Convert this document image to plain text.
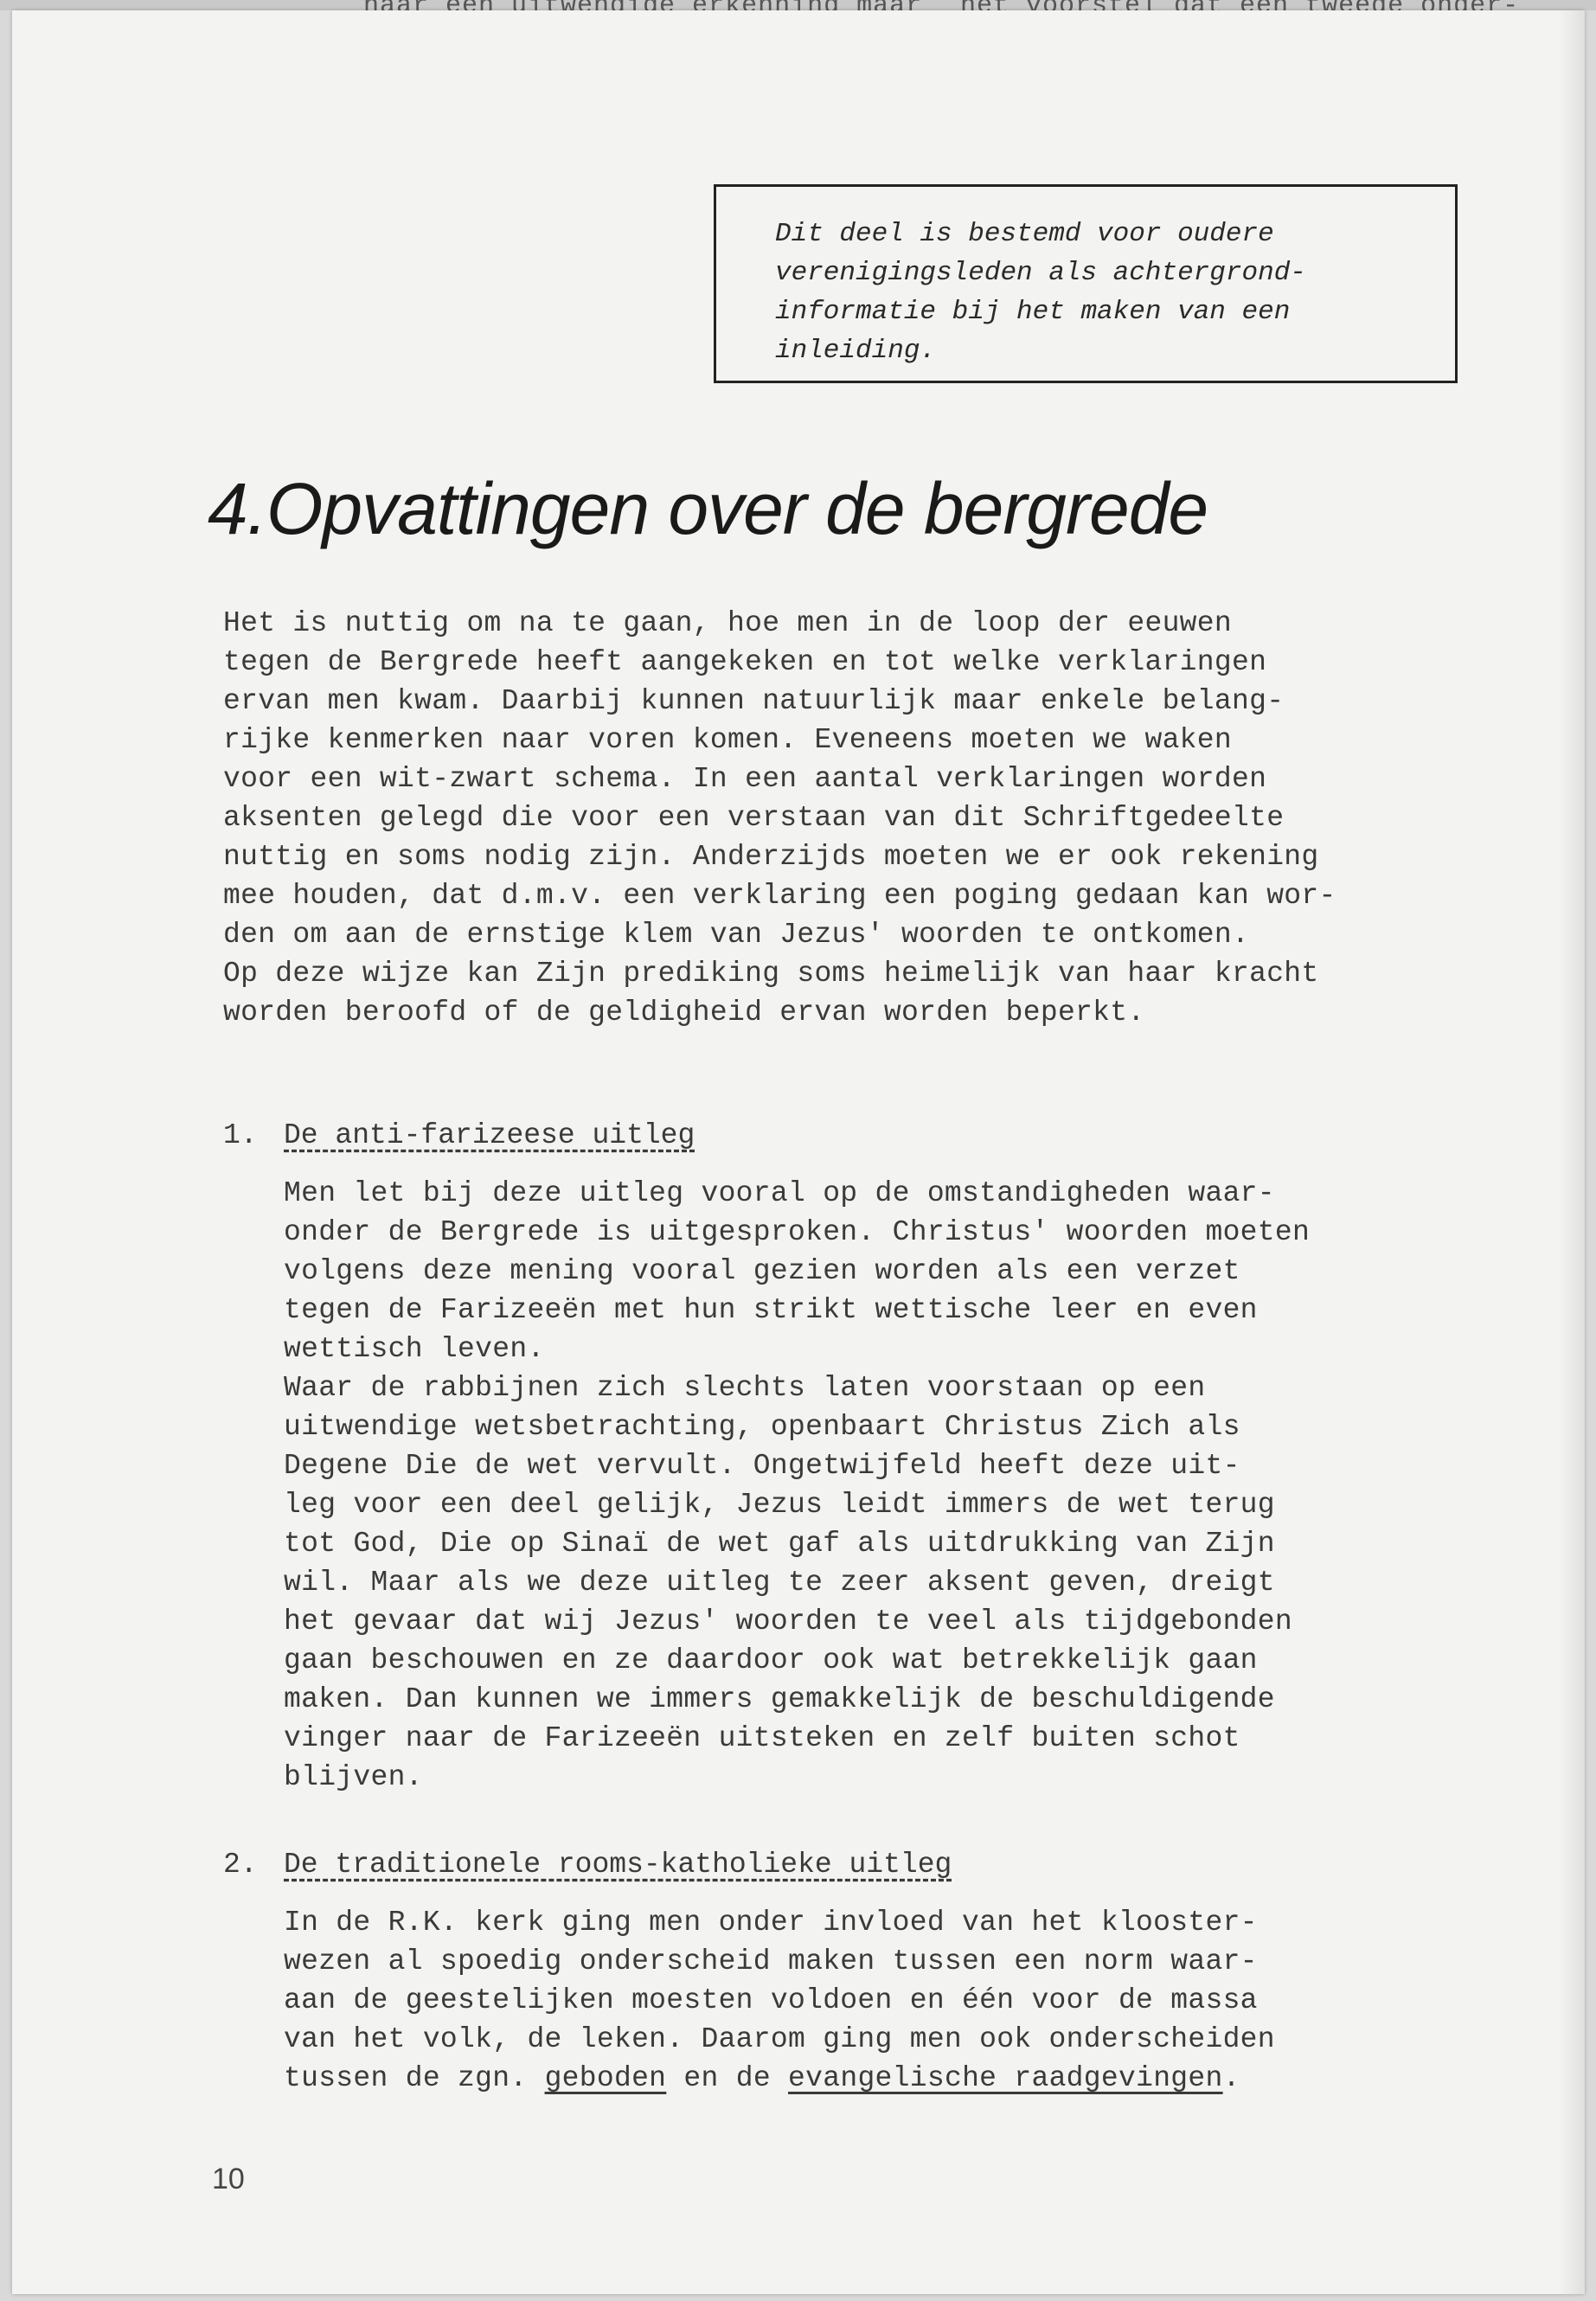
Dit deel is bestemd voor oudere
verenigingsleden als achtergrond-
informatie bij het maken van een
inleiding.
4.Opvattingen over de bergrede
Het is nuttig om na te gaan, hoe men in de loop der eeuwen
tegen de Bergrede heeft aangekeken en tot welke verklaringen
ervan men kwam. Daarbij kunnen natuurlijk maar enkele belang-
rijke kenmerken naar voren komen. Eveneens moeten we waken
voor een wit-zwart schema. In een aantal verklaringen worden
aksenten gelegd die voor een verstaan van dit Schriftgedeelte
nuttig en soms nodig zijn. Anderzijds moeten we er ook rekening
mee houden, dat d.m.v. een verklaring een poging gedaan kan wor-
den om aan de ernstige klem van Jezus' woorden te ontkomen.
Op deze wijze kan Zijn prediking soms heimelijk van haar kracht
worden beroofd of de geldigheid ervan worden beperkt.
1. De anti-farizeese uitleg
Men let bij deze uitleg vooral op de omstandigheden waar-
onder de Bergrede is uitgesproken. Christus' woorden moeten
volgens deze mening vooral gezien worden als een verzet
tegen de Farizeeën met hun strikt wettische leer en even
wettisch leven.
Waar de rabbijnen zich slechts laten voorstaan op een
uitwendige wetsbetrachting, openbaart Christus Zich als
Degene Die de wet vervult. Ongetwijfeld heeft deze uit-
leg voor een deel gelijk, Jezus leidt immers de wet terug
tot God, Die op Sinaï de wet gaf als uitdrukking van Zijn
wil. Maar als we deze uitleg te zeer aksent geven, dreigt
het gevaar dat wij Jezus' woorden te veel als tijdgebonden
gaan beschouwen en ze daardoor ook wat betrekkelijk gaan
maken. Dan kunnen we immers gemakkelijk de beschuldigende
vinger naar de Farizeeën uitsteken en zelf buiten schot
blijven.
2. De traditionele rooms-katholieke uitleg
In de R.K. kerk ging men onder invloed van het klooster-
wezen al spoedig onderscheid maken tussen een norm waar-
aan de geestelijken moesten voldoen en één voor de massa
van het volk, de leken. Daarom ging men ook onderscheiden
tussen de zgn. geboden en de evangelische raadgevingen.
10
